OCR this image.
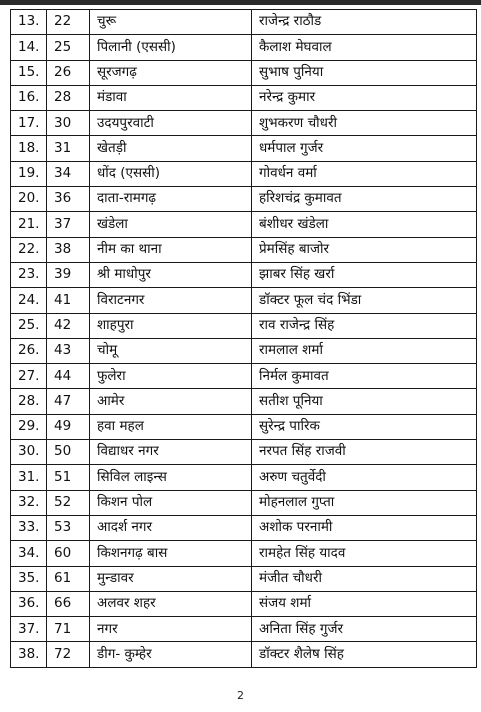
13.	22	चुरू	राजेन्द्र राठौड
14.	25	पिलानी (एससी)	कैलाश मेघवाल
15.	26	सूरजगढ़	सुभाष पुनिया
16.	28	मंडावा	नरेन्द्र कुमार
17.	30	उदयपुरवाटी	शुभकरण चौधरी
18.	31	खेतड़ी	धर्मपाल गुर्जर
19.	34	धोंद (एससी)	गोवर्धन वर्मा
20.	36	दाता-रामगढ़	हरिशचंद्र कुमावत
21.	37	खंडेला	बंशीधर खंडेला
22.	38	नीम का थाना	प्रेमसिंह बाजोर
23.	39	श्री माधोपुर	झाबर सिंह खर्रा
24.	41	विराटनगर	डॉक्टर फूल चंद भिंडा
25.	42	शाहपुरा	राव राजेन्द्र सिंह
26.	43	चोमू	रामलाल शर्मा
27.	44	फुलेरा	निर्मल कुमावत
28.	47	आमेर	सतीश पूनिया
29.	49	हवा महल	सुरेन्द्र पारिक
30.	50	विद्याधर नगर	नरपत सिंह राजवी
31.	51	सिविल लाइन्स	अरुण चतुर्वेदी
32.	52	किशन पोल	मोहनलाल गुप्ता
33.	53	आदर्श नगर	अशोक परनामी
34.	60	किशनगढ़ बास	रामहेत सिंह यादव
35.	61	मुन्डावर	मंजीत चौधरी
36.	66	अलवर शहर	संजय शर्मा
37.	71	नगर	अनिता सिंह गुर्जर
38.	72	डीग- कुम्हेर	डॉक्टर शैलेष सिंह
2
